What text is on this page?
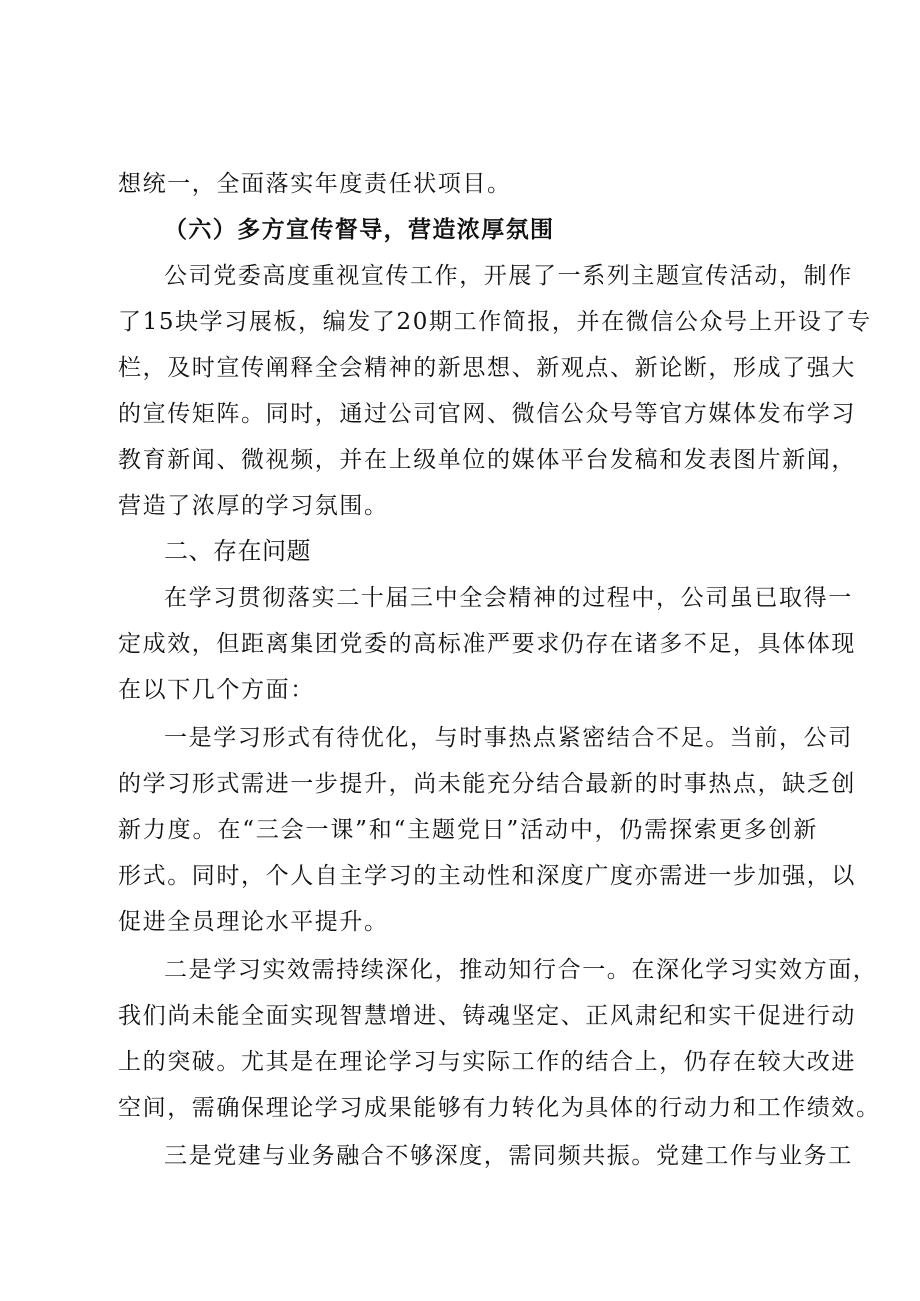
想统一，全面落实年度责任状项目。
（六）多方宣传督导，营造浓厚氛围
公司党委高度重视宣传工作，开展了一系列主题宣传活动，制作
了15块学习展板，编发了20期工作简报，并在微信公众号上开设了专
栏，及时宣传阐释全会精神的新思想、新观点、新论断，形成了强大
的宣传矩阵。同时，通过公司官网、微信公众号等官方媒体发布学习
教育新闻、微视频，并在上级单位的媒体平台发稿和发表图片新闻，
营造了浓厚的学习氛围。
二、存在问题
在学习贯彻落实二十届三中全会精神的过程中，公司虽已取得一
定成效，但距离集团党委的高标准严要求仍存在诸多不足，具体体现
在以下几个方面：
一是学习形式有待优化，与时事热点紧密结合不足。当前，公司
的学习形式需进一步提升，尚未能充分结合最新的时事热点，缺乏创
新力度。在“三会一课”和“主题党日”活动中，仍需探索更多创新
形式。同时，个人自主学习的主动性和深度广度亦需进一步加强，以
促进全员理论水平提升。
二是学习实效需持续深化，推动知行合一。在深化学习实效方面，
我们尚未能全面实现智慧增进、铸魂坚定、正风肃纪和实干促进行动
上的突破。尤其是在理论学习与实际工作的结合上，仍存在较大改进
空间，需确保理论学习成果能够有力转化为具体的行动力和工作绩效。
三是党建与业务融合不够深度，需同频共振。党建工作与业务工
